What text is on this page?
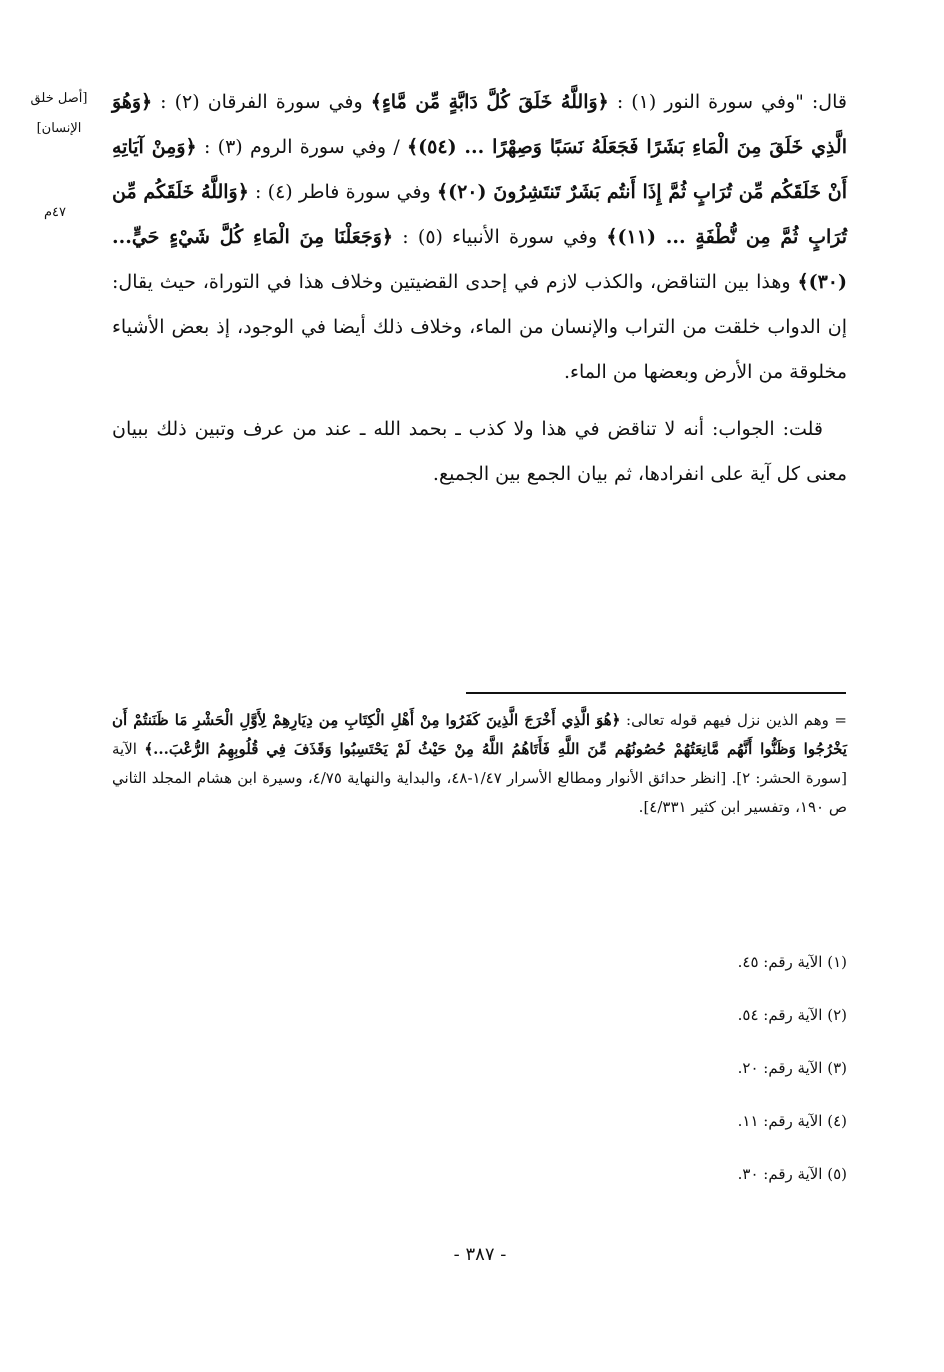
[أصل خلق الإنسان]
٤٧م

قال: "وفي سورة النور (١) : ﴿وَاللَّهُ خَلَقَ كُلَّ دَابَّةٍ مِّن مَّاءٍ﴾ وفي سورة الفرقان (٢) : ﴿وَهُوَ الَّذِي خَلَقَ مِنَ الْمَاءِ بَشَرًا فَجَعَلَهُ نَسَبًا وَصِهْرًا ... (٥٤)﴾ / وفي سورة الروم (٣) : ﴿وَمِنْ آيَاتِهِ أَنْ خَلَقَكُم مِّن تُرَابٍ ثُمَّ إِذَا أَنتُم بَشَرٌ تَنتَشِرُونَ (٢٠)﴾ وفي سورة فاطر (٤) : ﴿وَاللَّهُ خَلَقَكُم مِّن تُرَابٍ ثُمَّ مِن نُّطْفَةٍ ... (١١)﴾ وفي سورة الأنبياء (٥) : ﴿وَجَعَلْنَا مِنَ الْمَاءِ كُلَّ شَيْءٍ حَيٍّ... (٣٠)﴾ وهذا بين التناقض، والكذب لازم في إحدى القضيتين وخلاف هذا في التوراة، حيث يقال: إن الدواب خلقت من التراب والإنسان من الماء، وخلاف ذلك أيضا في الوجود، إذ بعض الأشياء مخلوقة من الأرض وبعضها من الماء.

قلت: الجواب: أنه لا تناقض في هذا ولا كذب ـ بحمد الله ـ عند من عرف وتبين ذلك ببيان معنى كل آية على انفرادها، ثم بيان الجمع بين الجميع.

= وهم الذين نزل فيهم قوله تعالى: ﴿هُوَ الَّذِي أَخْرَجَ الَّذِينَ كَفَرُوا مِنْ أَهْلِ الْكِتَابِ مِن دِيَارِهِمْ لِأَوَّلِ الْحَشْرِ مَا ظَنَنتُمْ أَن يَخْرُجُوا وَظَنُّوا أَنَّهُم مَّانِعَتُهُمْ حُصُونُهُم مِّنَ اللَّهِ فَأَتَاهُمُ اللَّهُ مِنْ حَيْثُ لَمْ يَحْتَسِبُوا وَقَذَفَ فِي قُلُوبِهِمُ الرُّعْبَ...﴾ الآية [سورة الحشر: ٢]. [انظر حدائق الأنوار ومطالع الأسرار ١/٤٧-٤٨، والبداية والنهاية ٤/٧٥، وسيرة ابن هشام المجلد الثاني ص ١٩٠، وتفسير ابن كثير ٤/٣٣١].
(١) الآية رقم: ٤٥.
(٢) الآية رقم: ٥٤.
(٣) الآية رقم: ٢٠.
(٤) الآية رقم: ١١.
(٥) الآية رقم: ٣٠.
- ٣٨٧ -
